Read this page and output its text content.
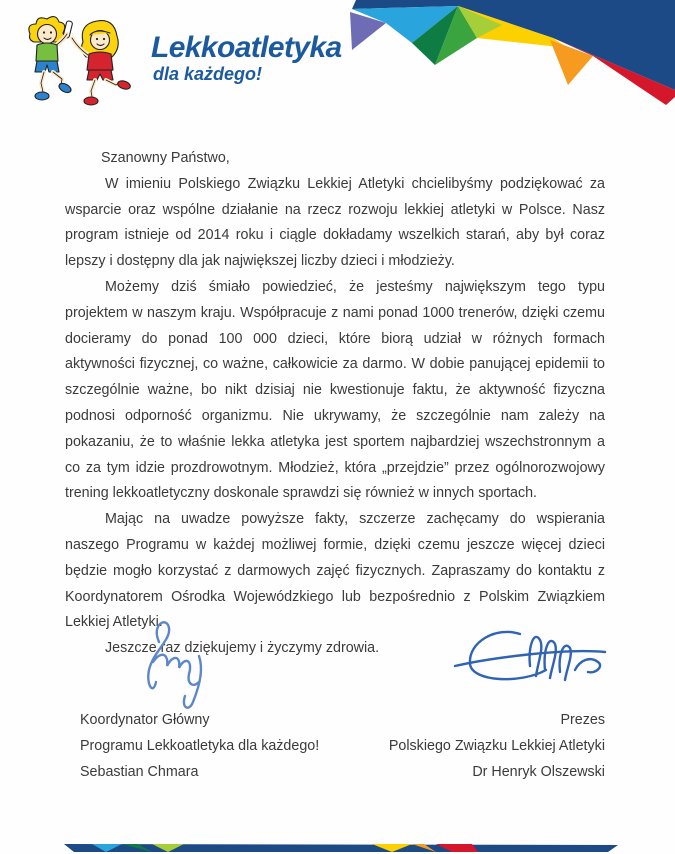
Lekkoatletyka
dla każdego!

Szanowny Państwo,

W imieniu Polskiego Związku Lekkiej Atletyki chcielibyśmy podziękować za wsparcie oraz wspólne działanie na rzecz rozwoju lekkiej atletyki w Polsce. Nasz program istnieje od 2014 roku i ciągle dokładamy wszelkich starań, aby był coraz lepszy i dostępny dla jak największej liczby dzieci i młodzieży.

Możemy dziś śmiało powiedzieć, że jesteśmy największym tego typu projektem w naszym kraju. Współpracuje z nami ponad 1000 trenerów, dzięki czemu docieramy do ponad 100 000 dzieci, które biorą udział w różnych formach aktywności fizycznej, co ważne, całkowicie za darmo. W dobie panującej epidemii to szczególnie ważne, bo nikt dzisiaj nie kwestionuje faktu, że aktywność fizyczna podnosi odporność organizmu. Nie ukrywamy, że szczególnie nam zależy na pokazaniu, że to właśnie lekka atletyka jest sportem najbardziej wszechstronnym a co za tym idzie prozdrowotnym. Młodzież, która „przejdzie” przez ogólnorozwojowy trening lekkoatletyczny doskonale sprawdzi się również w innych sportach.

Mając na uwadze powyższe fakty, szczerze zachęcamy do wspierania naszego Programu w każdej możliwej formie, dzięki czemu jeszcze więcej dzieci będzie mogło korzystać z darmowych zajęć fizycznych. Zapraszamy do kontaktu z Koordynatorem Ośrodka Wojewódzkiego lub bezpośrednio z Polskim Związkiem Lekkiej Atletyki.

Jeszcze raz dziękujemy i życzymy zdrowia.

Koordynator Główny
Programu Lekkoatletyka dla każdego!
Sebastian Chmara
Prezes
Polskiego Związku Lekkiej Atletyki
Dr Henryk Olszewski
